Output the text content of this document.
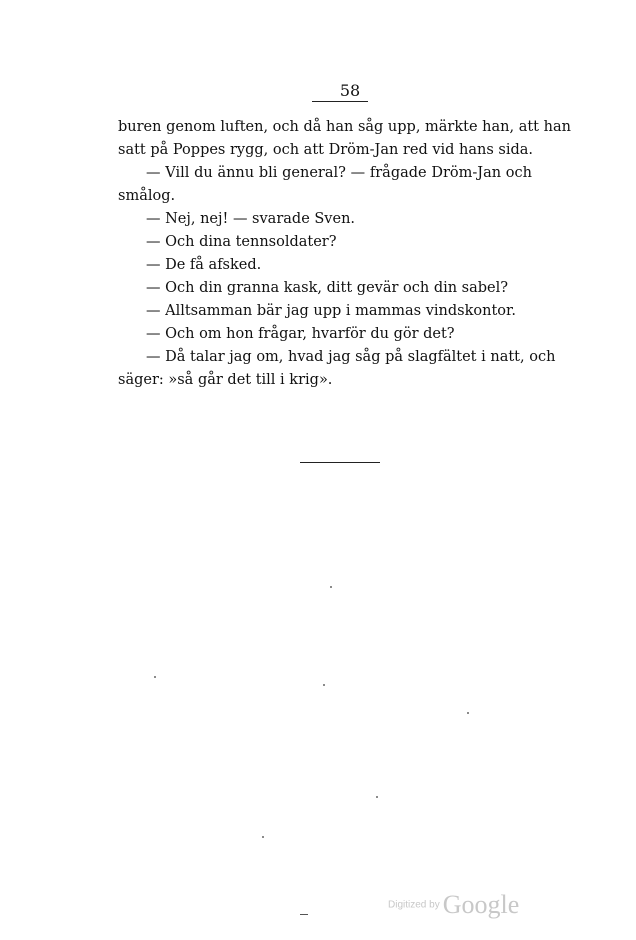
58
buren genom luften, och då han såg upp, märkte han, att han
satt på Poppes rygg, och att Dröm-Jan red vid hans sida.
— Vill du ännu bli general? — frågade Dröm-Jan och
smålog.
— Nej, nej! — svarade Sven.
— Och dina tennsoldater?
— De få afsked.
— Och din granna kask, ditt gevär och din sabel?
— Alltsamman bär jag upp i mammas vindskontor.
— Och om hon frågar, hvarför du gör det?
— Då talar jag om, hvad jag såg på slagfältet i natt, och
säger: »så går det till i krig».
Digitized by Google
